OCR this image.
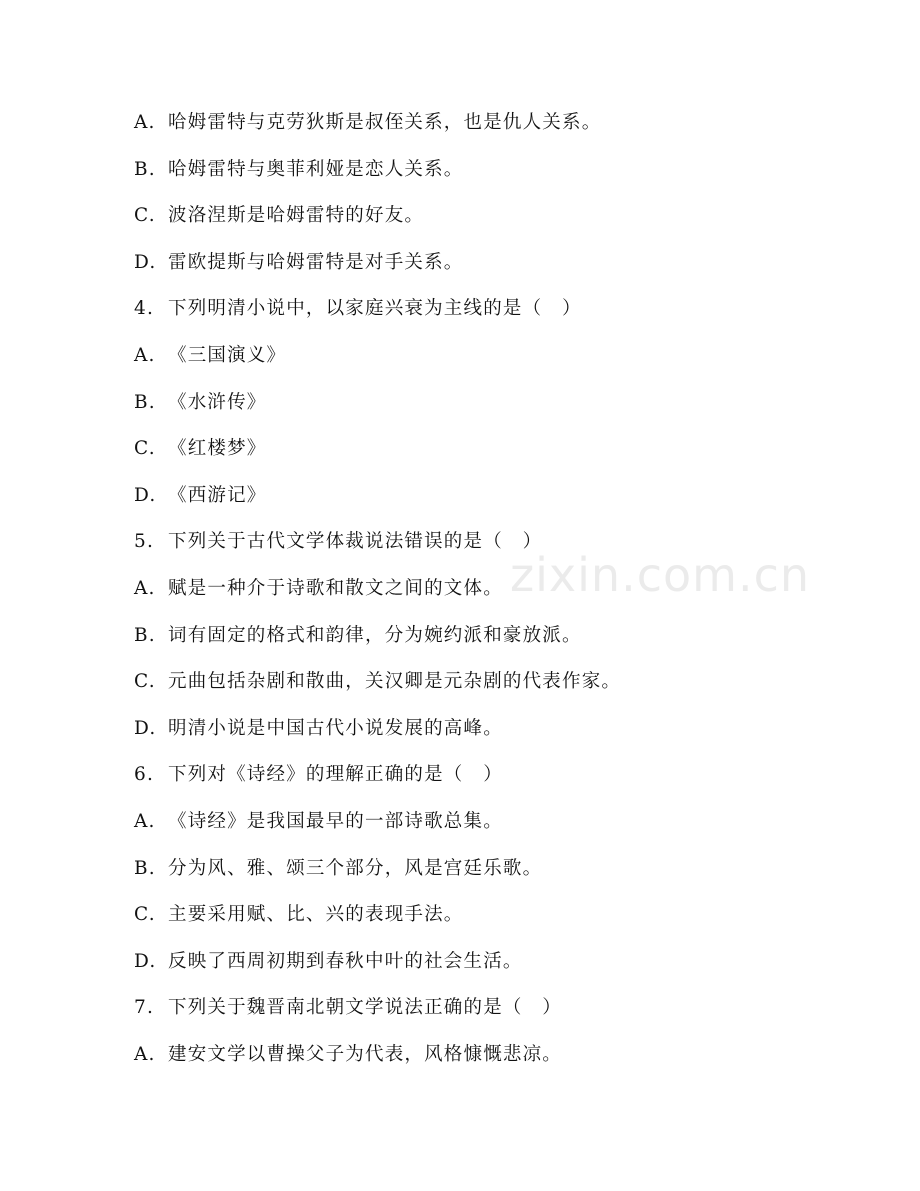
A. 哈姆雷特与克劳狄斯是叔侄关系，也是仇人关系。
B. 哈姆雷特与奥菲利娅是恋人关系。
C. 波洛涅斯是哈姆雷特的好友。
D. 雷欧提斯与哈姆雷特是对手关系。
4. 下列明清小说中，以家庭兴衰为主线的是（　）
A. 《三国演义》
B. 《水浒传》
C. 《红楼梦》
D. 《西游记》
5. 下列关于古代文学体裁说法错误的是（　）
A. 赋是一种介于诗歌和散文之间的文体。
B. 词有固定的格式和韵律，分为婉约派和豪放派。
C. 元曲包括杂剧和散曲，关汉卿是元杂剧的代表作家。
D. 明清小说是中国古代小说发展的高峰。
6. 下列对《诗经》的理解正确的是（　）
A. 《诗经》是我国最早的一部诗歌总集。
B. 分为风、雅、颂三个部分，风是宫廷乐歌。
C. 主要采用赋、比、兴的表现手法。
D. 反映了西周初期到春秋中叶的社会生活。
7. 下列关于魏晋南北朝文学说法正确的是（　）
A. 建安文学以曹操父子为代表，风格慷慨悲凉。
zixin.com.cn
